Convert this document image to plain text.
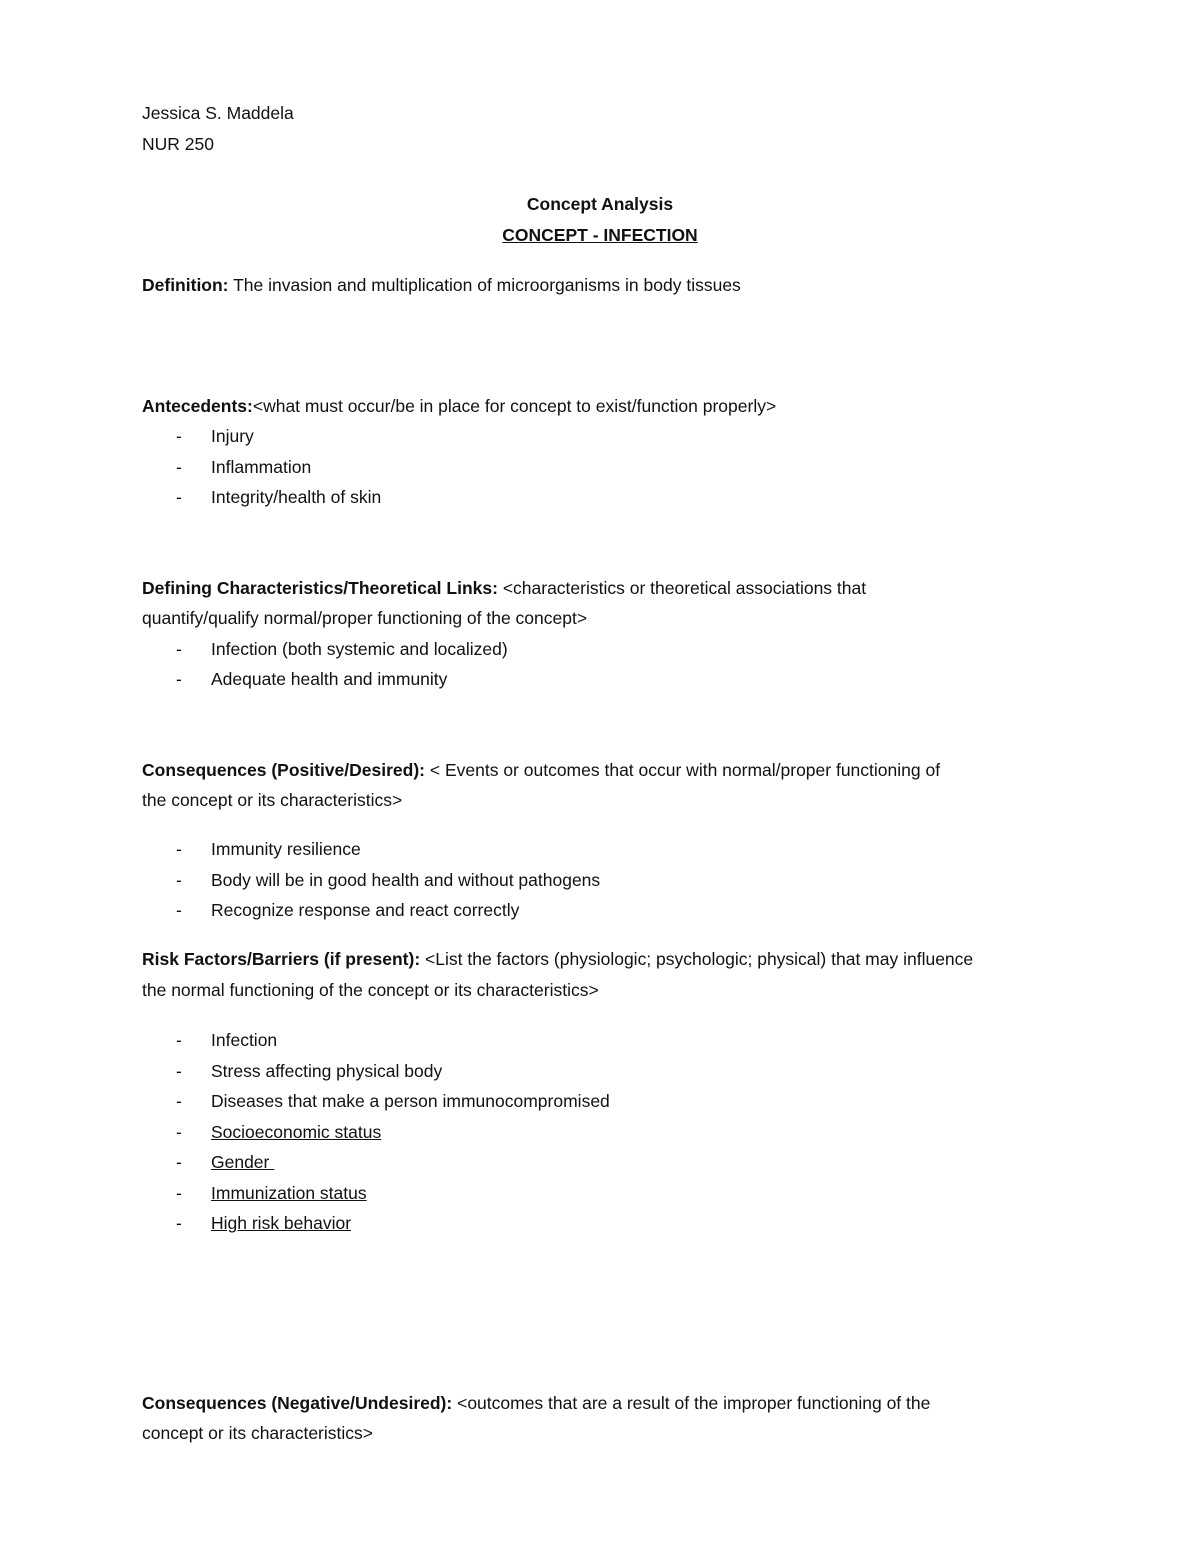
Jessica S. Maddela
NUR 250
Concept Analysis
CONCEPT - INFECTION
Definition: The invasion and multiplication of microorganisms in body tissues
Antecedents:<what must occur/be in place for concept to exist/function properly>
- Injury
- Inflammation
- Integrity/health of skin
Defining Characteristics/Theoretical Links: <characteristics or theoretical associations that
quantify/qualify normal/proper functioning of the concept>
- Infection (both systemic and localized)
- Adequate health and immunity
Consequences (Positive/Desired): < Events or outcomes that occur with normal/proper functioning of
the concept or its characteristics>
- Immunity resilience
- Body will be in good health and without pathogens
- Recognize response and react correctly
Risk Factors/Barriers (if present): <List the factors (physiologic; psychologic; physical) that may influence
the normal functioning of the concept or its characteristics>
- Infection
- Stress affecting physical body
- Diseases that make a person immunocompromised
- Socioeconomic status
- Gender
- Immunization status
- High risk behavior
Consequences (Negative/Undesired): <outcomes that are a result of the improper functioning of the
concept or its characteristics>
